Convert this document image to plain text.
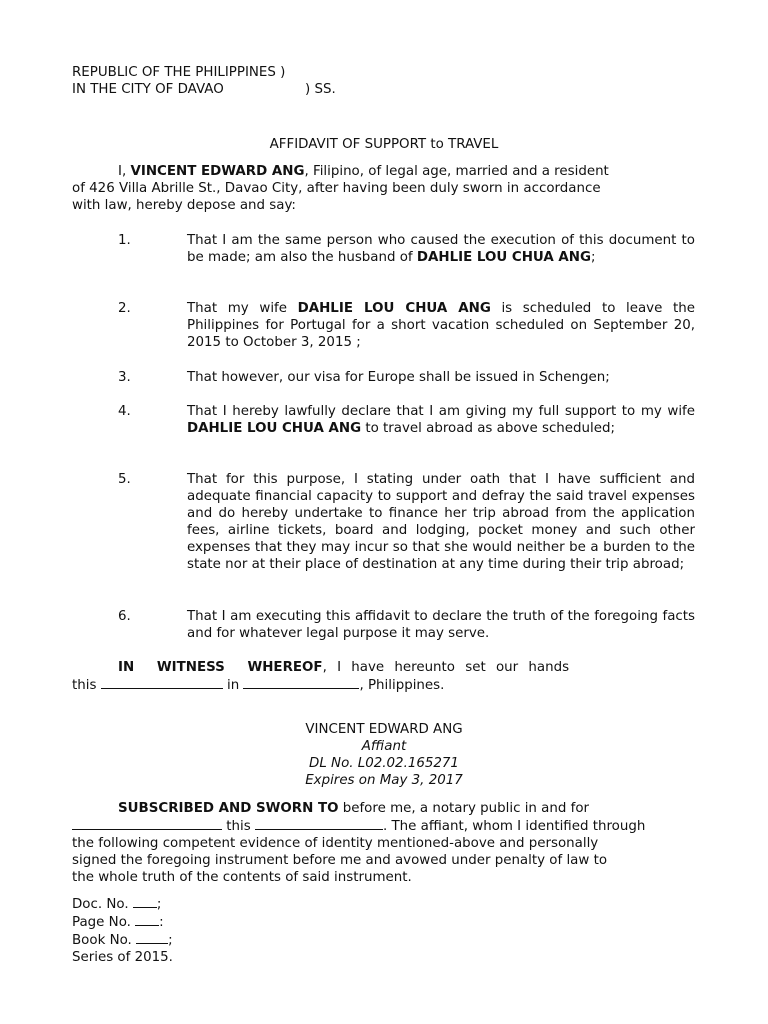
REPUBLIC OF THE PHILIPPINES )
IN THE CITY OF DAVAO	) SS.
AFFIDAVIT OF SUPPORT to TRAVEL
I, VINCENT EDWARD ANG, Filipino, of legal age, married and a resident
of 426 Villa Abrille St., Davao City, after having been duly sworn in accordance
with law, hereby depose and say:
1.	That I am the same person who caused the execution of this document to be made; am also the husband of DAHLIE LOU CHUA ANG;
2.	That my wife DAHLIE LOU CHUA ANG is scheduled to leave the Philippines for Portugal for a short vacation scheduled on September 20, 2015 to October 3, 2015 ;
3.	That however, our visa for Europe shall be issued in Schengen;
4.	That I hereby lawfully declare that I am giving my full support to my wife DAHLIE LOU CHUA ANG to travel abroad as above scheduled;
5.	That for this purpose, I stating under oath that I have sufficient and adequate financial capacity to support and defray the said travel expenses and do hereby undertake to finance her trip abroad from the application fees, airline tickets, board and lodging, pocket money and such other expenses that they may incur so that she would neither be a burden to the state nor at their place of destination at any time during their trip abroad;
6.	That I am executing this affidavit to declare the truth of the foregoing facts and for whatever legal purpose it may serve.
IN WITNESS WHEREOF, I have hereunto set our hands
this	in	, Philippines.
VINCENT EDWARD ANG
Affiant
DL No. L02.02.165271
Expires on May 3, 2017
SUBSCRIBED AND SWORN TO before me, a notary public in and for
this	. The affiant, whom I identified through
the following competent evidence of identity mentioned-above and personally
signed the foregoing instrument before me and avowed under penalty of law to
the whole truth of the contents of said instrument.
Doc. No. ;
Page No. :
Book No. ;
Series of 2015.
